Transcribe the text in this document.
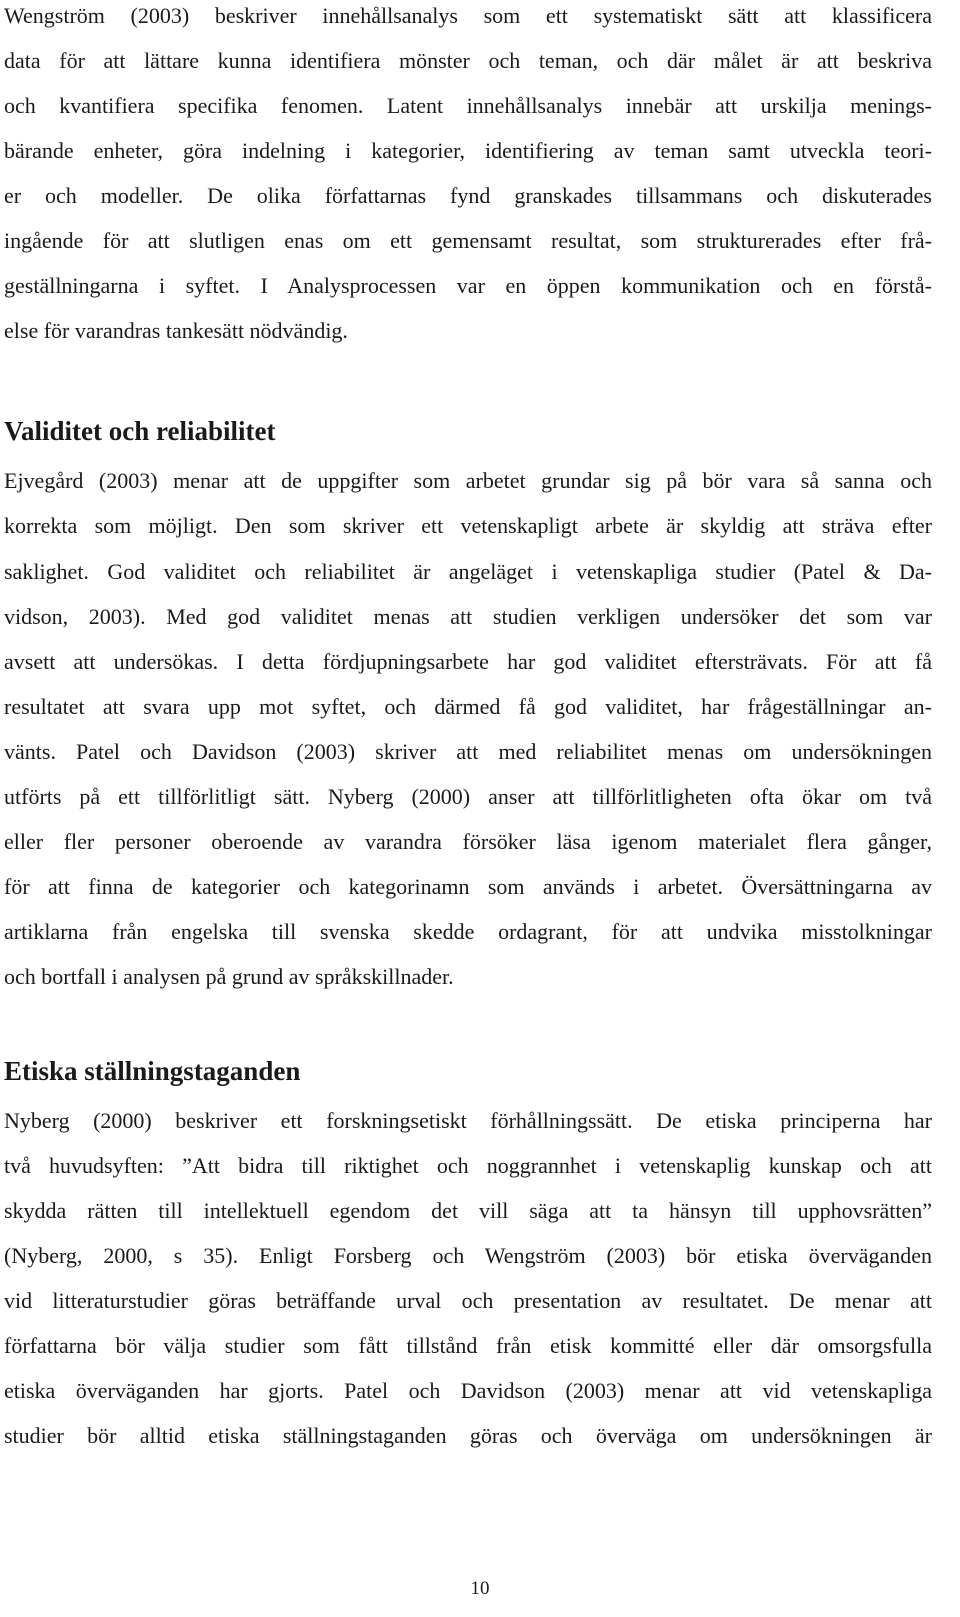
Wengström (2003) beskriver innehållsanalys som ett systematiskt sätt att klassificera
data för att lättare kunna identifiera mönster och teman, och där målet är att beskriva
och kvantifiera specifika fenomen. Latent innehållsanalys innebär att urskilja menings-
bärande enheter, göra indelning i kategorier, identifiering av teman samt utveckla teori-
er och modeller. De olika författarnas fynd granskades tillsammans och diskuterades
ingående för att slutligen enas om ett gemensamt resultat, som strukturerades efter frå-
geställningarna i syftet. I Analysprocessen var en öppen kommunikation och en förstå-
else för varandras tankesätt nödvändig.
Validitet och reliabilitet
Ejvegård (2003) menar att de uppgifter som arbetet grundar sig på bör vara så sanna och
korrekta som möjligt. Den som skriver ett vetenskapligt arbete är skyldig att sträva efter
saklighet. God validitet och reliabilitet är angeläget i vetenskapliga studier (Patel & Da-
vidson, 2003). Med god validitet menas att studien verkligen undersöker det som var
avsett att undersökas. I detta fördjupningsarbete har god validitet eftersträvats. För att få
resultatet att svara upp mot syftet, och därmed få god validitet, har frågeställningar an-
vänts. Patel och Davidson (2003) skriver att med reliabilitet menas om undersökningen
utförts på ett tillförlitligt sätt. Nyberg (2000) anser att tillförlitligheten ofta ökar om två
eller fler personer oberoende av varandra försöker läsa igenom materialet flera gånger,
för att finna de kategorier och kategorinamn som används i arbetet. Översättningarna av
artiklarna från engelska till svenska skedde ordagrant, för att undvika misstolkningar
och bortfall i analysen på grund av språkskillnader.
Etiska ställningstaganden
Nyberg (2000) beskriver ett forskningsetiskt förhållningssätt. De etiska principerna har
två huvudsyften: ”Att bidra till riktighet och noggrannhet i vetenskaplig kunskap och att
skydda rätten till intellektuell egendom det vill säga att ta hänsyn till upphovsrätten”
(Nyberg, 2000, s 35). Enligt Forsberg och Wengström (2003) bör etiska överväganden
vid litteraturstudier göras beträffande urval och presentation av resultatet. De menar att
författarna bör välja studier som fått tillstånd från etisk kommitté eller där omsorgsfulla
etiska överväganden har gjorts. Patel och Davidson (2003) menar att vid vetenskapliga
studier bör alltid etiska ställningstaganden göras och överväga om undersökningen är
10
